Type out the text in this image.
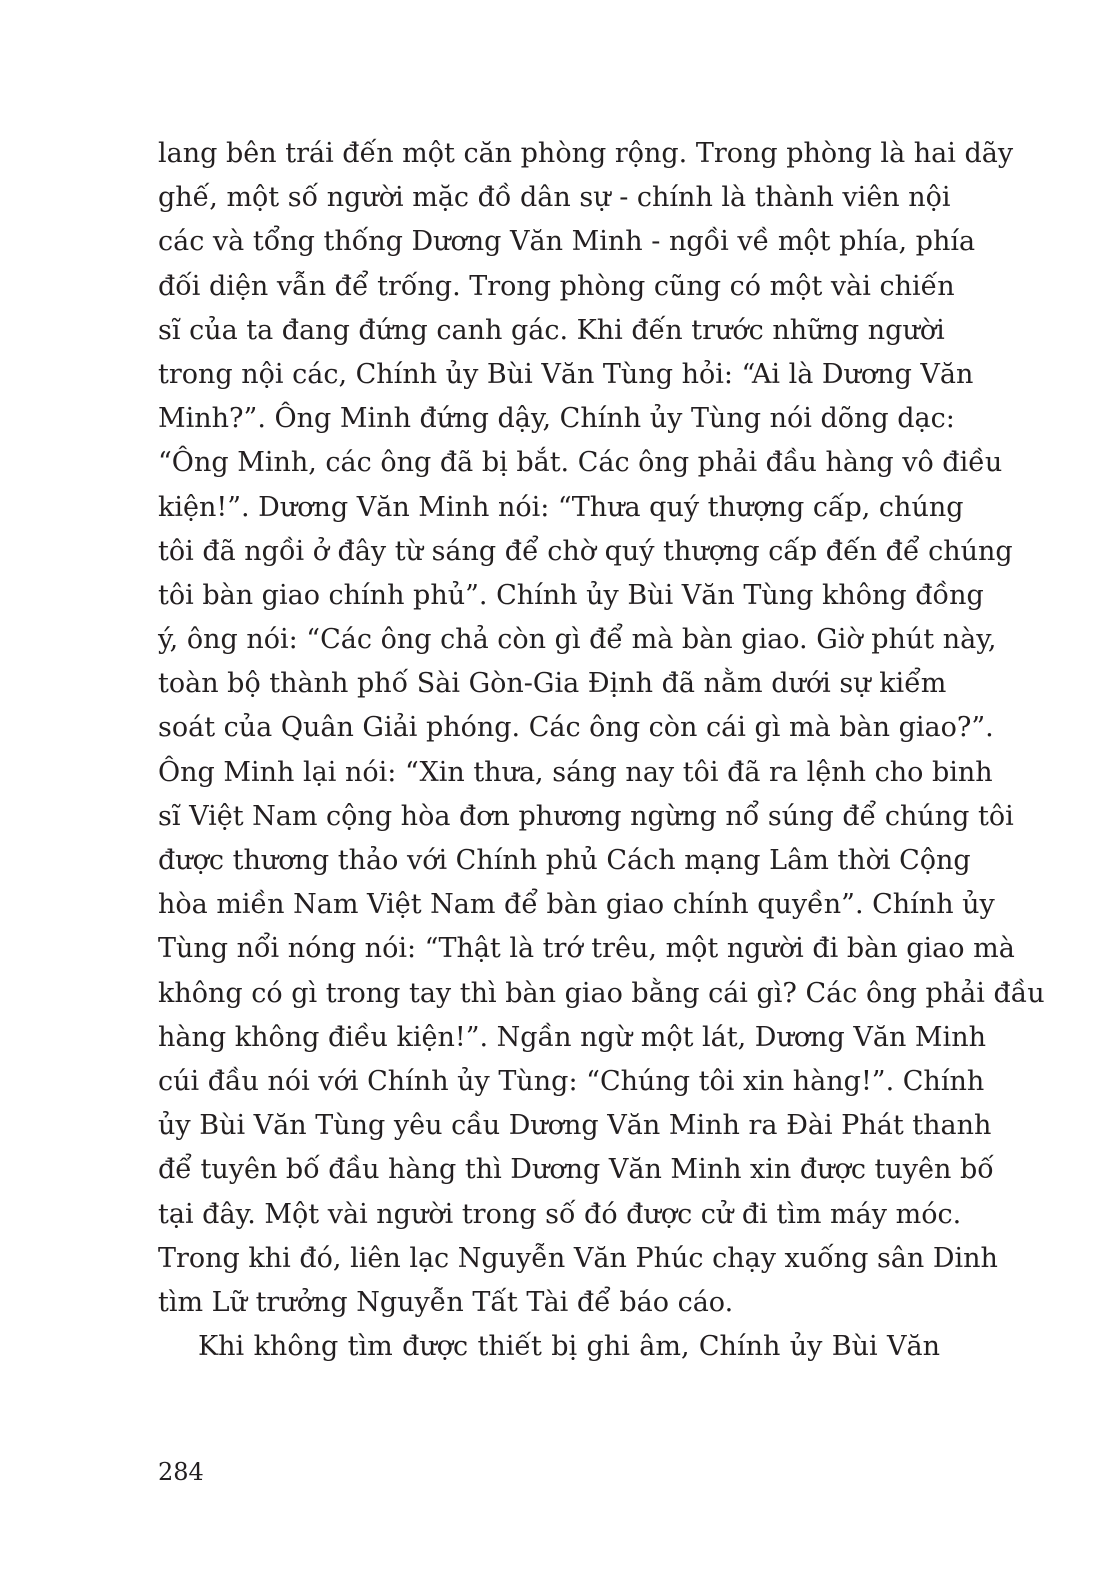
lang bên trái đến một căn phòng rộng. Trong phòng là hai dãy
ghế, một số người mặc đồ dân sự - chính là thành viên nội
các và tổng thống Dương Văn Minh - ngồi về một phía, phía
đối diện vẫn để trống. Trong phòng cũng có một vài chiến
sĩ của ta đang đứng canh gác. Khi đến trước những người
trong nội các, Chính ủy Bùi Văn Tùng hỏi: “Ai là Dương Văn
Minh?”. Ông Minh đứng dậy, Chính ủy Tùng nói dõng dạc:
“Ông Minh, các ông đã bị bắt. Các ông phải đầu hàng vô điều
kiện!”. Dương Văn Minh nói: “Thưa quý thượng cấp, chúng
tôi đã ngồi ở đây từ sáng để chờ quý thượng cấp đến để chúng
tôi bàn giao chính phủ”. Chính ủy Bùi Văn Tùng không đồng
ý, ông nói: “Các ông chả còn gì để mà bàn giao. Giờ phút này,
toàn bộ thành phố Sài Gòn-Gia Định đã nằm dưới sự kiểm
soát của Quân Giải phóng. Các ông còn cái gì mà bàn giao?”.
Ông Minh lại nói: “Xin thưa, sáng nay tôi đã ra lệnh cho binh
sĩ Việt Nam cộng hòa đơn phương ngừng nổ súng để chúng tôi
được thương thảo với Chính phủ Cách mạng Lâm thời Cộng
hòa miền Nam Việt Nam để bàn giao chính quyền”. Chính ủy
Tùng nổi nóng nói: “Thật là trớ trêu, một người đi bàn giao mà
không có gì trong tay thì bàn giao bằng cái gì? Các ông phải đầu
hàng không điều kiện!”. Ngần ngừ một lát, Dương Văn Minh
cúi đầu nói với Chính ủy Tùng: “Chúng tôi xin hàng!”. Chính
ủy Bùi Văn Tùng yêu cầu Dương Văn Minh ra Đài Phát thanh
để tuyên bố đầu hàng thì Dương Văn Minh xin được tuyên bố
tại đây. Một vài người trong số đó được cử đi tìm máy móc.
Trong khi đó, liên lạc Nguyễn Văn Phúc chạy xuống sân Dinh
tìm Lữ trưởng Nguyễn Tất Tài để báo cáo.
Khi không tìm được thiết bị ghi âm, Chính ủy Bùi Văn
284
